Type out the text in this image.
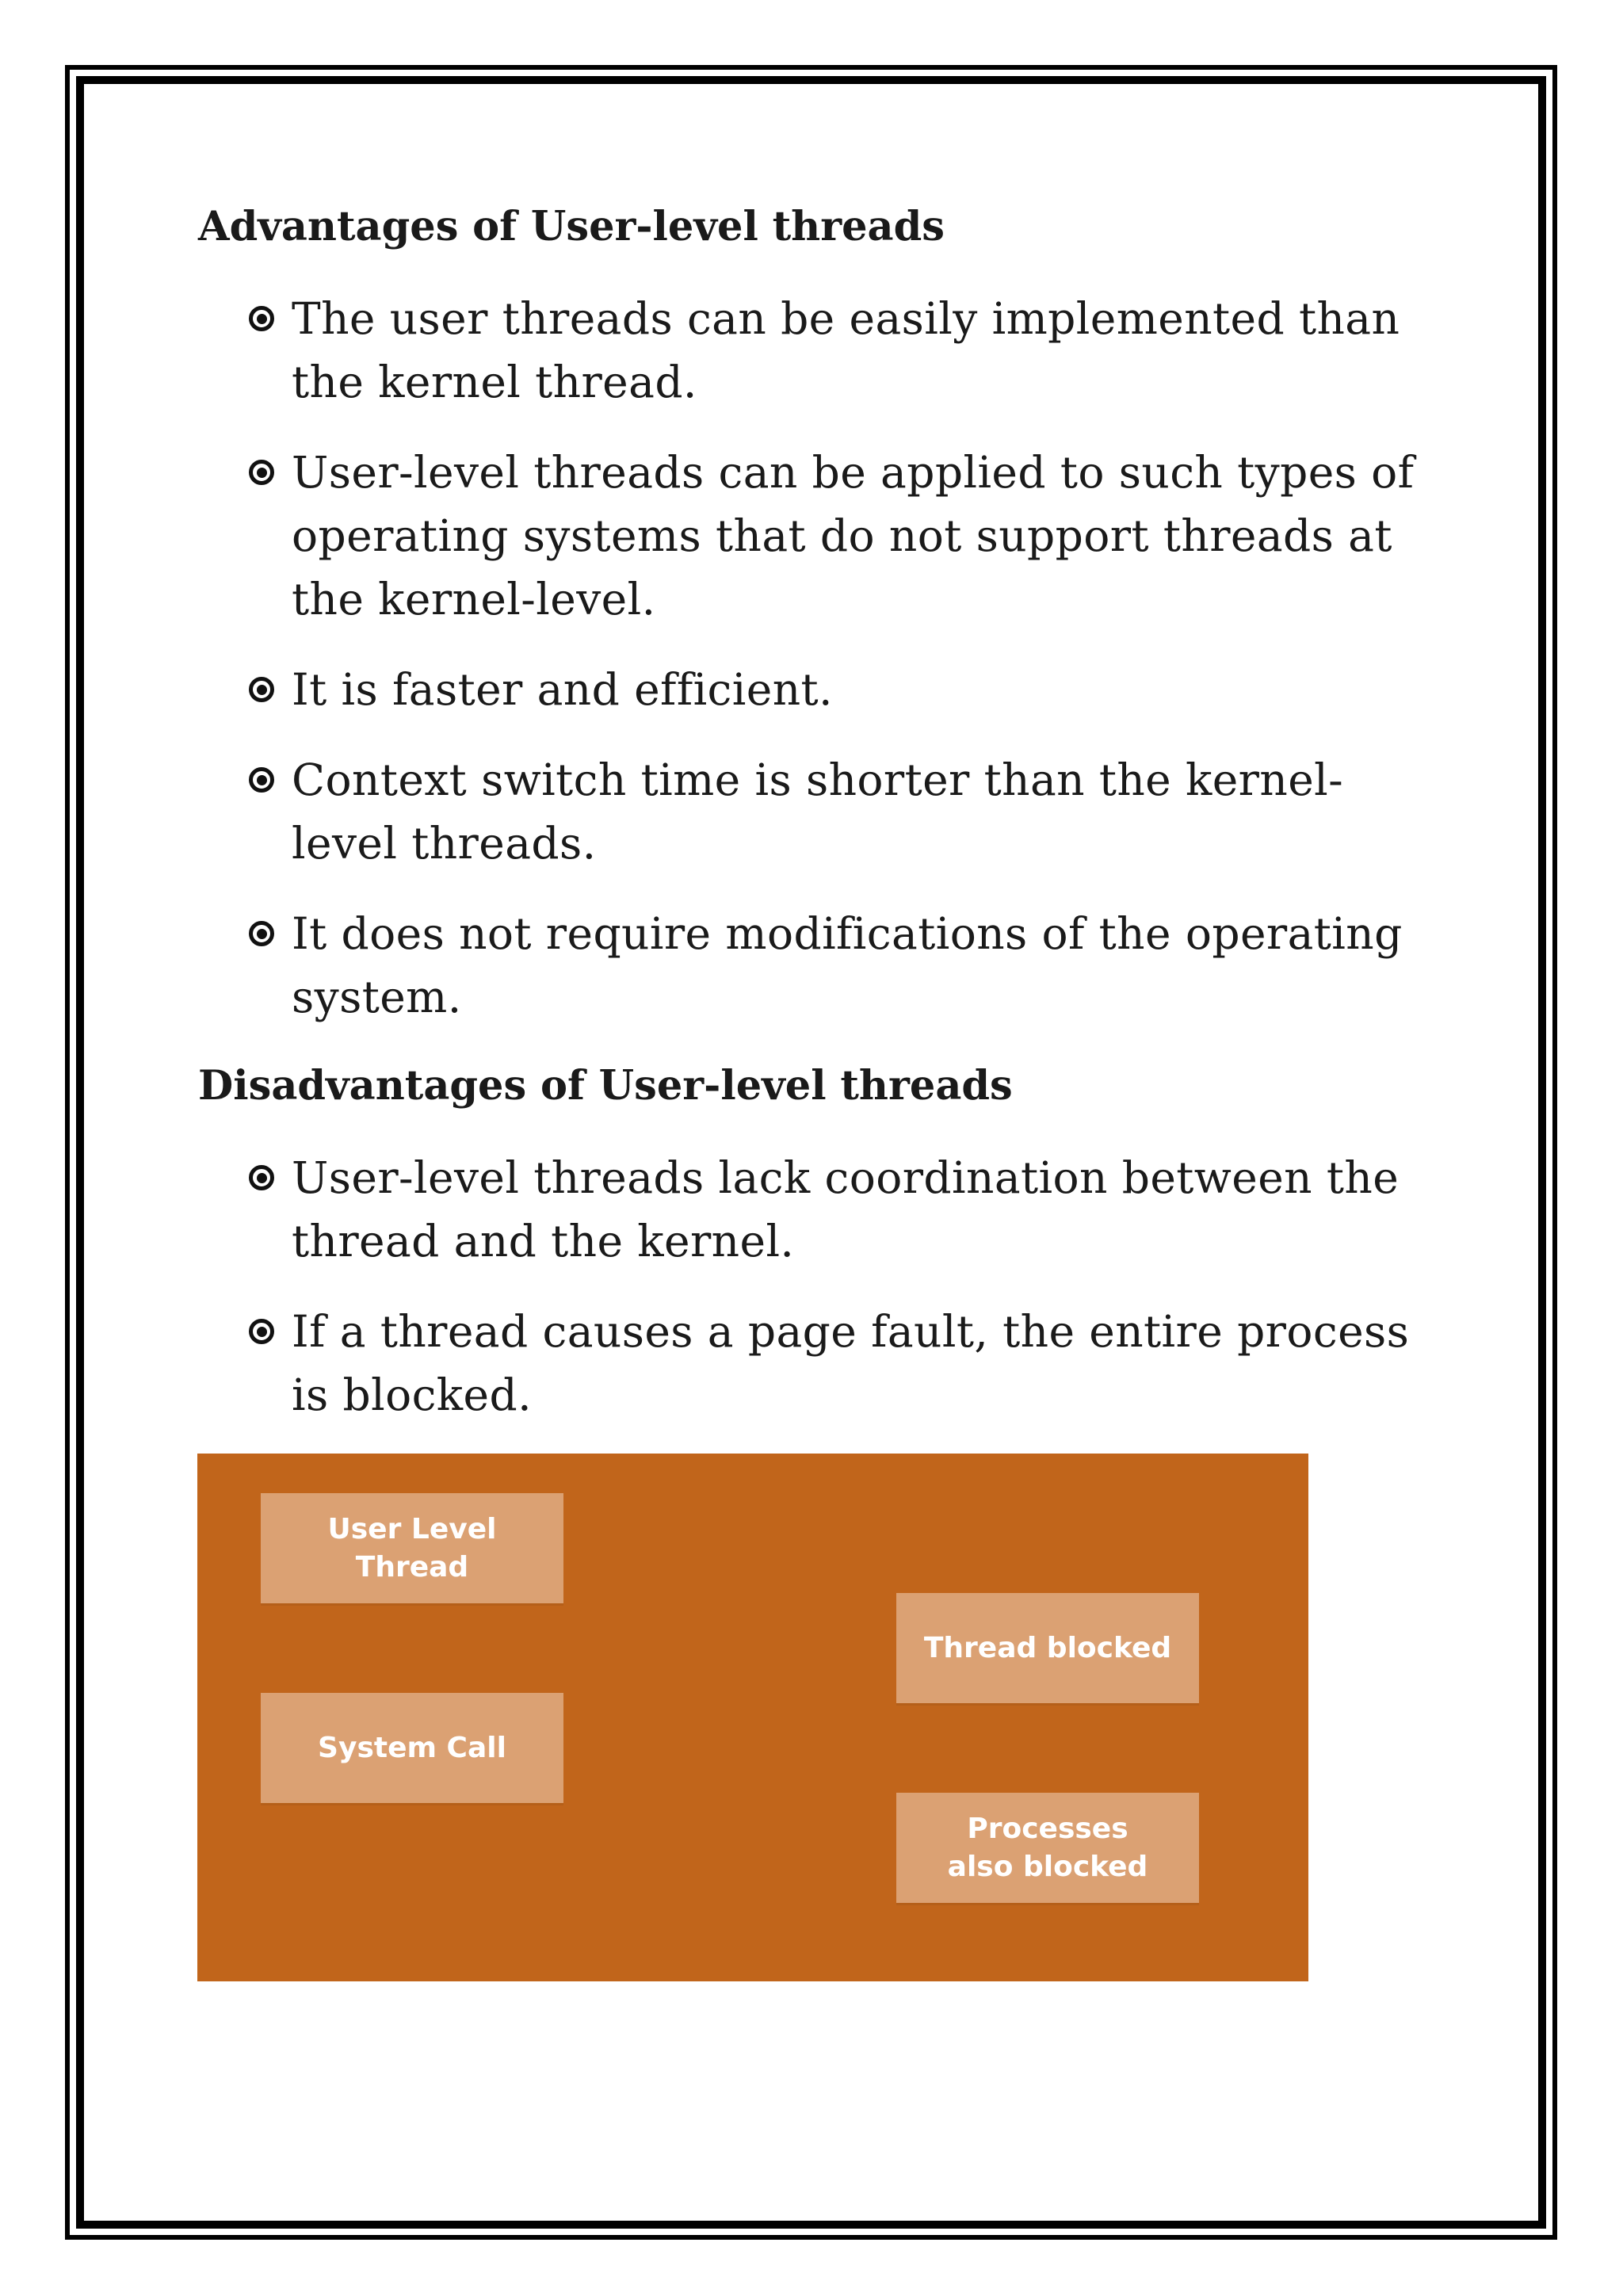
Advantages of User-level threads
The user threads can be easily implemented than the kernel thread.
User-level threads can be applied to such types of operating systems that do not support threads at the kernel-level.
It is faster and efficient.
Context switch time is shorter than the kernel-level threads.
It does not require modifications of the operating system.
Disadvantages of User-level threads
User-level threads lack coordination between the thread and the kernel.
If a thread causes a page fault, the entire process is blocked.
User Level
Thread
System Call
Thread blocked
Processes
also blocked
